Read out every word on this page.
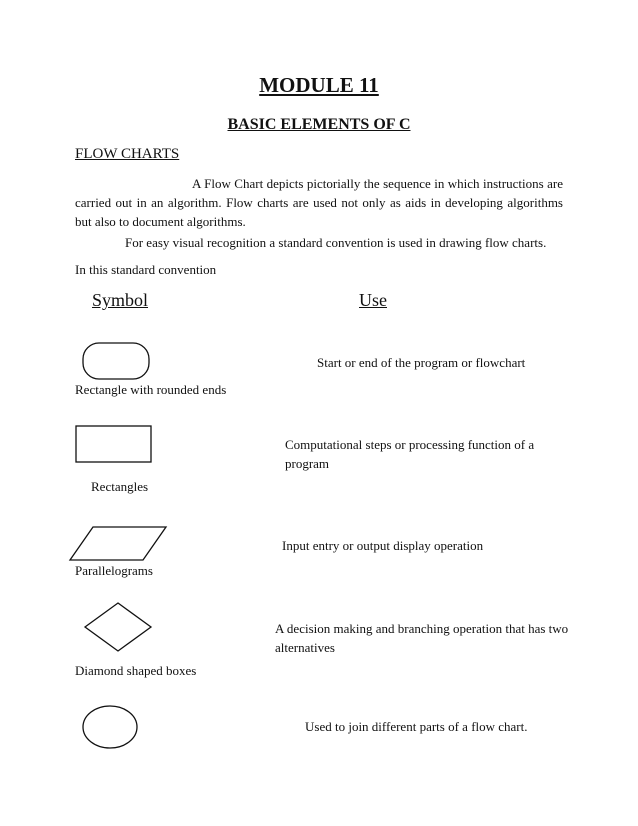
MODULE 11
BASIC ELEMENTS OF C
FLOW CHARTS
A Flow Chart depicts pictorially the sequence in which instructions are carried out in an algorithm. Flow charts are used not only as aids in developing algorithms but also to document algorithms.
For easy visual recognition a standard convention is used in drawing flow charts.
In this standard convention
Symbol	Use
Rectangle with rounded ends
Start or end of the program or flowchart
Rectangles
Computational steps or processing function of a program
Parallelograms
Input entry or output display operation
Diamond shaped boxes
A decision making and branching operation that has two alternatives
Used to join different parts of a flow chart.
